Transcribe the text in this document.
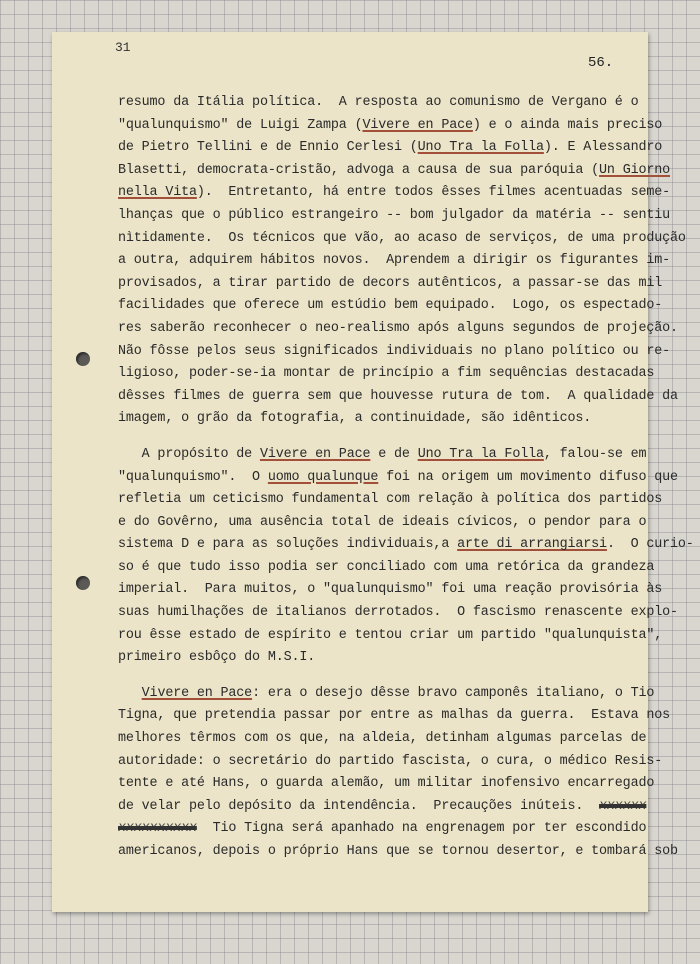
31
56.
resumo da Itália política.  A resposta ao comunismo de Vergano é o
"qualunquismo" de Luigi Zampa (Vivere en Pace) e o ainda mais preciso
de Pietro Tellini e de Ennio Cerlesi (Uno Tra la Folla). E Alessandro
Blasetti, democrata-cristão, advoga a causa de sua paróquia (Un Giorno
nella Vita).  Entretanto, há entre todos êsses filmes acentuadas seme-
lhanças que o público estrangeiro -- bom julgador da matéria -- sentiu
nìtidamente.  Os técnicos que vão, ao acaso de serviços, de uma produção
a outra, adquirem hábitos novos.  Aprendem a dirigir os figurantes im-
provisados, a tirar partido de decors autênticos, a passar-se das mil
facilidades que oferece um estúdio bem equipado.  Logo, os espectado-
res saberão reconhecer o neo-realismo após alguns segundos de projeção.
Não fôsse pelos seus significados individuais no plano político ou re-
ligioso, poder-se-ia montar de princípio a fim sequências destacadas
dêsses filmes de guerra sem que houvesse rutura de tom.  A qualidade da
imagem, o grão da fotografia, a continuidade, são idênticos.
A propósito de Vivere en Pace e de Uno Tra la Folla, falou-se em
"qualunquismo".  O uomo qualunque foi na origem um movimento difuso que
refletia um ceticismo fundamental com relação à política dos partidos
e do Govêrno, uma ausência total de ideais cívicos, o pendor para o
sistema D e para as soluções individuais,a arte di arrangiarsi.  O curio-
so é que tudo isso podia ser conciliado com uma retórica da grandeza
imperial.  Para muitos, o "qualunquismo" foi uma reação provisória às
suas humilhações de italianos derrotados.  O fascismo renascente explo-
rou êsse estado de espírito e tentou criar um partido "qualunquista",
primeiro esbôço do M.S.I.
Vivere en Pace: era o desejo dêsse bravo camponês italiano, o Tio
Tigna, que pretendia passar por entre as malhas da guerra.  Estava nos
melhores têrmos com os que, na aldeia, detinham algumas parcelas de
autoridade: o secretário do partido fascista, o cura, o médico Resis-
tente e até Hans, o guarda alemão, um militar inofensivo encarregado
de velar pelo depósito da intendência.  Precauções inúteis.  xxxxxx
xxxxxxxxxx  Tio Tigna será apanhado na engrenagem por ter escondido
americanos, depois o próprio Hans que se tornou desertor, e tombará sob
